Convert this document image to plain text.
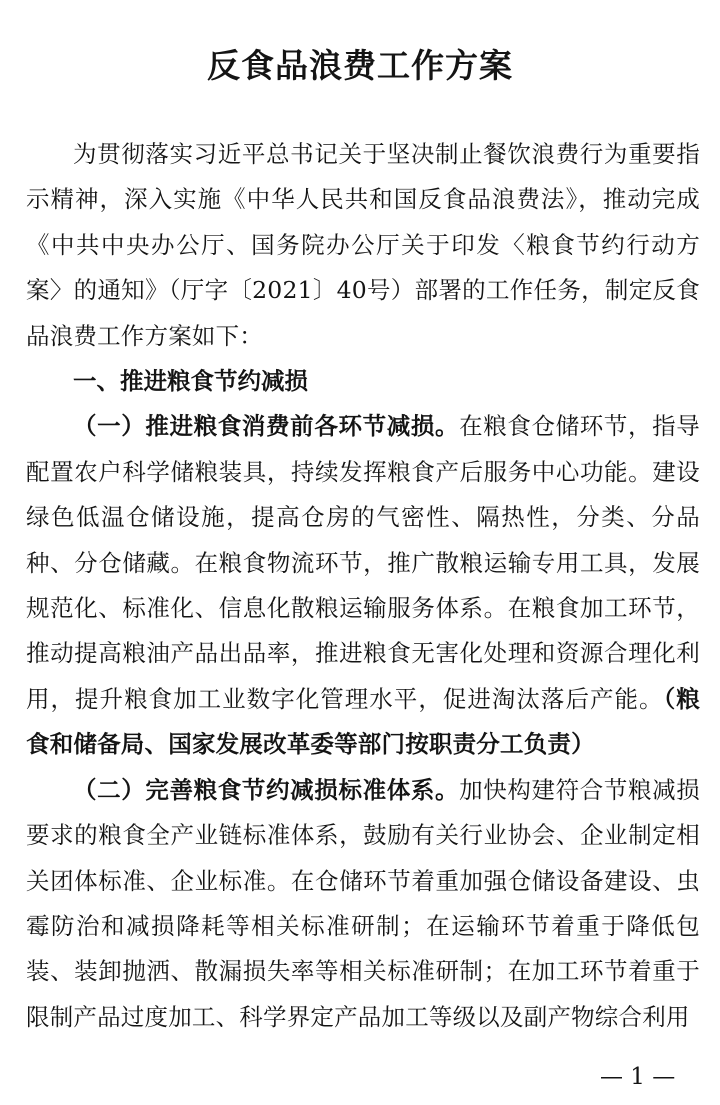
反食品浪费工作方案

为贯彻落实习近平总书记关于坚决制止餐饮浪费行为重要指示精神，深入实施《中华人民共和国反食品浪费法》，推动完成《中共中央办公厅、国务院办公厅关于印发〈粮食节约行动方案〉的通知》（厅字〔2021〕40号）部署的工作任务，制定反食品浪费工作方案如下：

一、推进粮食节约减损

（一）推进粮食消费前各环节减损。在粮食仓储环节，指导配置农户科学储粮装具，持续发挥粮食产后服务中心功能。建设绿色低温仓储设施，提高仓房的气密性、隔热性，分类、分品种、分仓储藏。在粮食物流环节，推广散粮运输专用工具，发展规范化、标准化、信息化散粮运输服务体系。在粮食加工环节，推动提高粮油产品出品率，推进粮食无害化处理和资源合理化利用，提升粮食加工业数字化管理水平，促进淘汰落后产能。（粮食和储备局、国家发展改革委等部门按职责分工负责）

（二）完善粮食节约减损标准体系。加快构建符合节粮减损要求的粮食全产业链标准体系，鼓励有关行业协会、企业制定相关团体标准、企业标准。在仓储环节着重加强仓储设备建设、虫霉防治和减损降耗等相关标准研制；在运输环节着重于降低包装、装卸抛洒、散漏损失率等相关标准研制；在加工环节着重于限制产品过度加工、科学界定产品加工等级以及副产物综合利用

— 1 —
